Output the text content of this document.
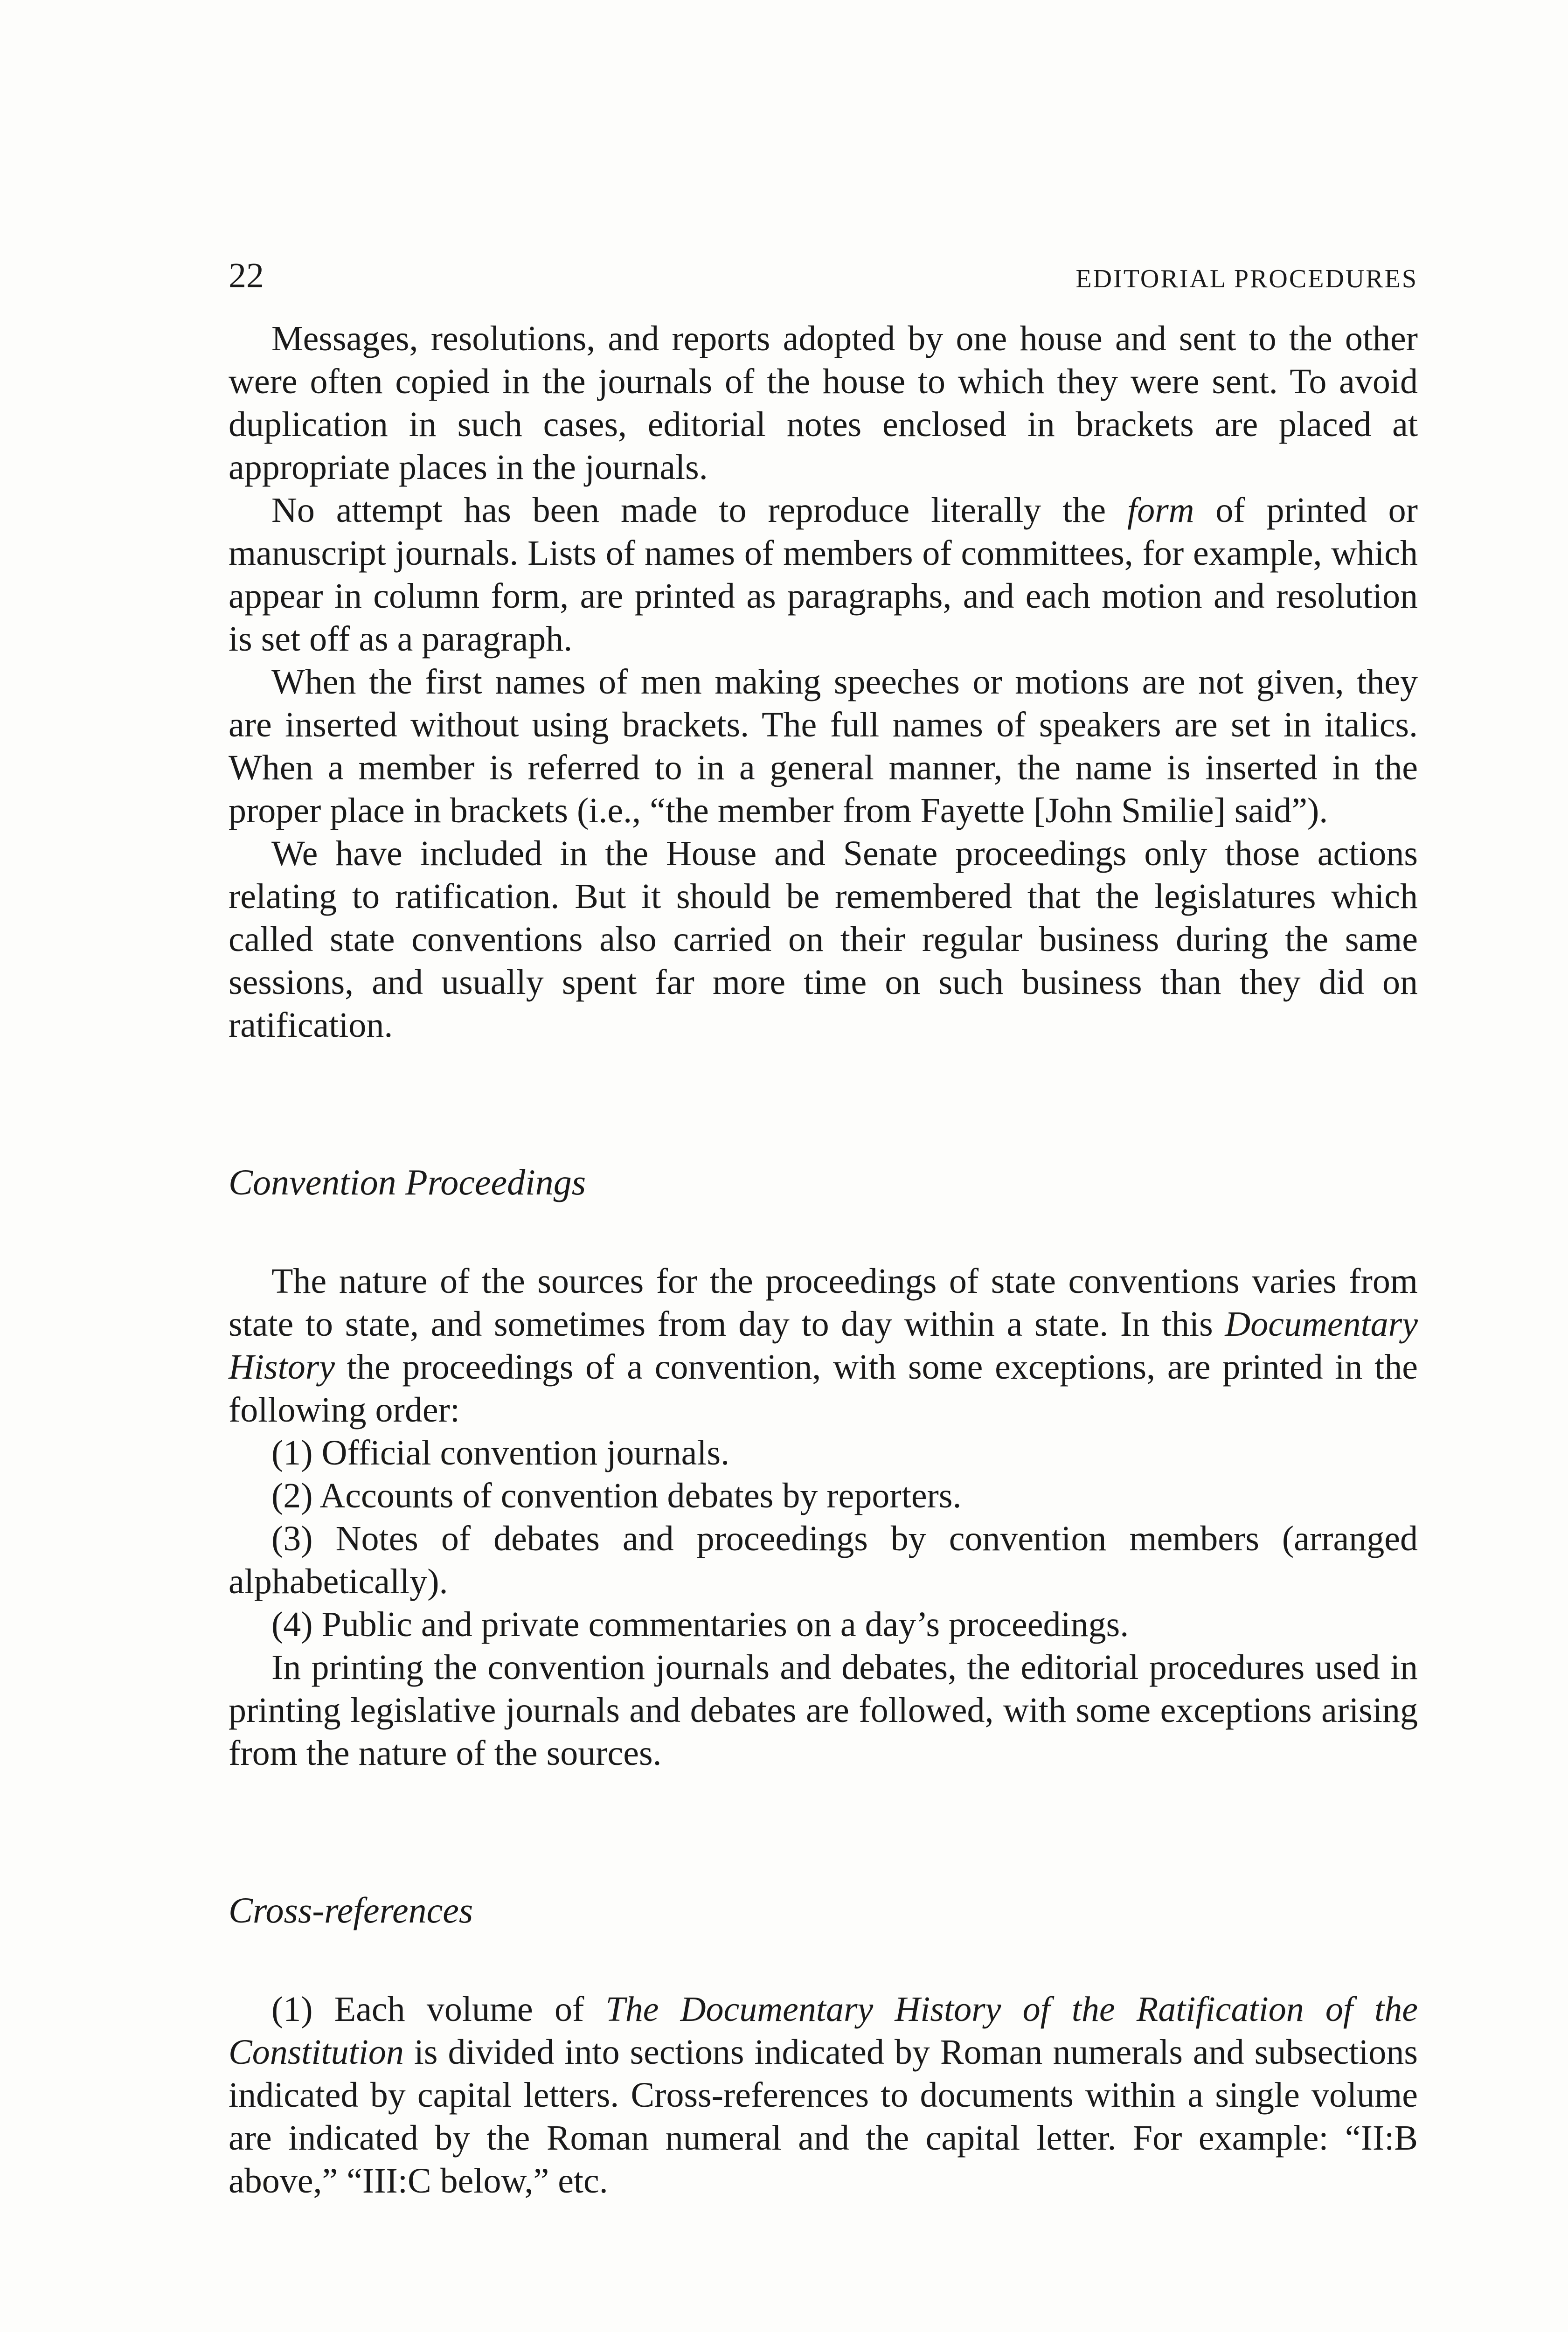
22	EDITORIAL PROCEDURES

Messages, resolutions, and reports adopted by one house and sent to the other were often copied in the journals of the house to which they were sent. To avoid duplication in such cases, editorial notes enclosed in brackets are placed at appropriate places in the journals.

No attempt has been made to reproduce literally the form of printed or manuscript journals. Lists of names of members of committees, for example, which appear in column form, are printed as paragraphs, and each motion and resolution is set off as a paragraph.

When the first names of men making speeches or motions are not given, they are inserted without using brackets. The full names of speakers are set in italics. When a member is referred to in a general manner, the name is inserted in the proper place in brackets (i.e., “the member from Fayette [John Smilie] said”).

We have included in the House and Senate proceedings only those actions relating to ratification. But it should be remembered that the legislatures which called state conventions also carried on their regular business during the same sessions, and usually spent far more time on such business than they did on ratification.

Convention Proceedings

The nature of the sources for the proceedings of state conventions varies from state to state, and sometimes from day to day within a state. In this Documentary History the proceedings of a convention, with some exceptions, are printed in the following order:

(1) Official convention journals.

(2) Accounts of convention debates by reporters.

(3) Notes of debates and proceedings by convention members (arranged alphabetically).

(4) Public and private commentaries on a day’s proceedings.

In printing the convention journals and debates, the editorial procedures used in printing legislative journals and debates are followed, with some exceptions arising from the nature of the sources.

Cross-references

(1) Each volume of The Documentary History of the Ratification of the Constitution is divided into sections indicated by Roman numerals and subsections indicated by capital letters. Cross-references to documents within a single volume are indicated by the Roman numeral and the capital letter. For example: “II:B above,” “III:C below,” etc.
